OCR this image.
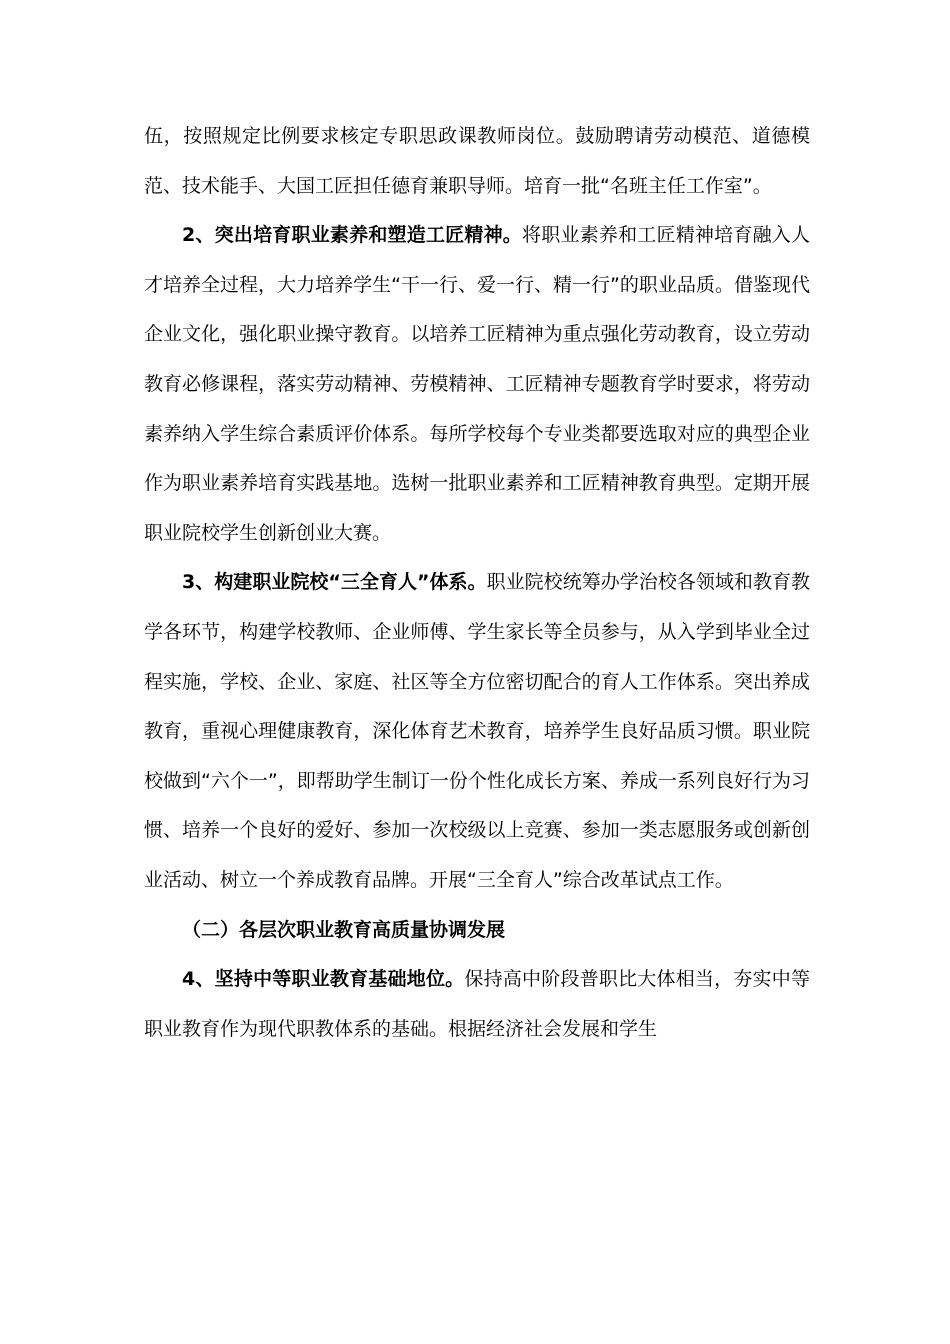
伍，按照规定比例要求核定专职思政课教师岗位。鼓励聘请劳动模范、道德模范、技术能手、大国工匠担任德育兼职导师。培育一批“名班主任工作室”。

2、突出培育职业素养和塑造工匠精神。将职业素养和工匠精神培育融入人才培养全过程，大力培养学生“干一行、爱一行、精一行”的职业品质。借鉴现代企业文化，强化职业操守教育。以培养工匠精神为重点强化劳动教育，设立劳动教育必修课程，落实劳动精神、劳模精神、工匠精神专题教育学时要求，将劳动素养纳入学生综合素质评价体系。每所学校每个专业类都要选取对应的典型企业作为职业素养培育实践基地。选树一批职业素养和工匠精神教育典型。定期开展职业院校学生创新创业大赛。

3、构建职业院校“三全育人”体系。职业院校统筹办学治校各领域和教育教学各环节，构建学校教师、企业师傅、学生家长等全员参与，从入学到毕业全过程实施，学校、企业、家庭、社区等全方位密切配合的育人工作体系。突出养成教育，重视心理健康教育，深化体育艺术教育，培养学生良好品质习惯。职业院校做到“六个一”，即帮助学生制订一份个性化成长方案、养成一系列良好行为习惯、培养一个良好的爱好、参加一次校级以上竞赛、参加一类志愿服务或创新创业活动、树立一个养成教育品牌。开展“三全育人”综合改革试点工作。

（二）各层次职业教育高质量协调发展

4、坚持中等职业教育基础地位。保持高中阶段普职比大体相当，夯实中等职业教育作为现代职教体系的基础。根据经济社会发展和学生
